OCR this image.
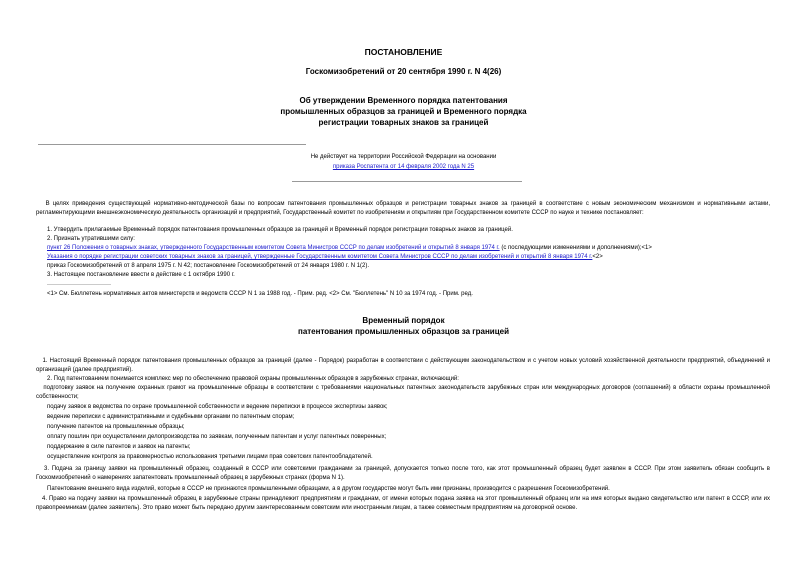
ПОСТАНОВЛЕНИЕ
Госкомизобретений от 20 сентября 1990 г. N 4(26)
Об утверждении Временного порядка патентования
промышленных образцов за границей и Временного порядка
регистрации товарных знаков за границей
Не действует на территории Российской Федерации на основании
приказа Роспатента от 14 февраля 2002 года N 25
В целях приведения существующей нормативно-методической базы по вопросам патентования промышленных образцов и регистрации товарных знаков за границей в соответствие с новым экономическим механизмом и нормативными актами, регламентирующими внешнеэкономическую деятельность организаций и предприятий, Государственный комитет по изобретениям и открытиям при Государственном комитете СССР по науке и технике постановляет:
1. Утвердить прилагаемые Временный порядок патентования промышленных образцов за границей и Временный порядок регистрации товарных знаков за границей.
2. Признать утратившими силу:
пункт 26 Положения о товарных знаках, утвержденного Государственным комитетом Совета Министров СССР по делам изобретений и открытий 8 января 1974 г. (с последующими изменениями и дополнениями);<1>
Указания о порядке регистрации советских товарных знаков за границей, утвержденные Государственным комитетом Совета Министров СССР по делам изобретений и открытий 8 января 1974 г.<2>
приказ Госкомизобретений от 8 апреля 1975 г. N 42; постановление Госкомизобретений от 24 января 1980 г. N 1(2).
3. Настоящее постановление ввести в действие с 1 октября 1990 г.
--------------------------------
<1> См. Бюллетень нормативных актов министерств и ведомств СССР N 1 за 1988 год. - Прим. ред. <2> См. "Бюллетень" N 10 за 1974 год. - Прим. ред.
Временный порядок
патентования промышленных образцов за границей
1. Настоящий Временный порядок патентования промышленных образцов за границей (далее - Порядок) разработан в соответствии с действующим законодательством и с учетом новых условий хозяйственной деятельности предприятий, объединений и организаций (далее предприятий).
2. Под патентованием понимается комплекс мер по обеспечению правовой охраны промышленных образцов в зарубежных странах, включающий:
подготовку заявок на получение охранных грамот на промышленные образцы в соответствии с требованиями национальных патентных законодательств зарубежных стран или международных договоров (соглашений) в области охраны промышленной собственности;
подачу заявок в ведомства по охране промышленной собственности и ведение переписки в процессе экспертизы заявок;
ведение переписки с административными и судебными органами по патентным спорам;
получение патентов на промышленные образцы;
оплату пошлин при осуществлении делопроизводства по заявкам, полученным патентам и услуг патентных поверенных;
поддержание в силе патентов и заявок на патенты;
осуществление контроля за правомерностью использования третьими лицами прав советских патентообладателей.
3. Подача за границу заявки на промышленный образец, созданный в СССР или советскими гражданами за границей, допускается только после того, как этот промышленный образец будет заявлен в СССР. При этом заявитель обязан сообщить в Госкомизобретений о намерениях запатентовать промышленный образец в зарубежных странах (форма N 1).
Патентование внешнего вида изделий, которые в СССР не признаются промышленными образцами, а в другом государстве могут быть ими признаны, производится с разрешения Госкомизобретений.
4. Право на подачу заявки на промышленный образец в зарубежные страны принадлежит предприятиям и гражданам, от имени которых подана заявка на этот промышленный образец или на имя которых выдано свидетельство или патент в СССР, или их правопреемникам (далее заявитель). Это право может быть передано другим заинтересованным советским или иностранным лицам, а также совместным предприятиям на договорной основе.
